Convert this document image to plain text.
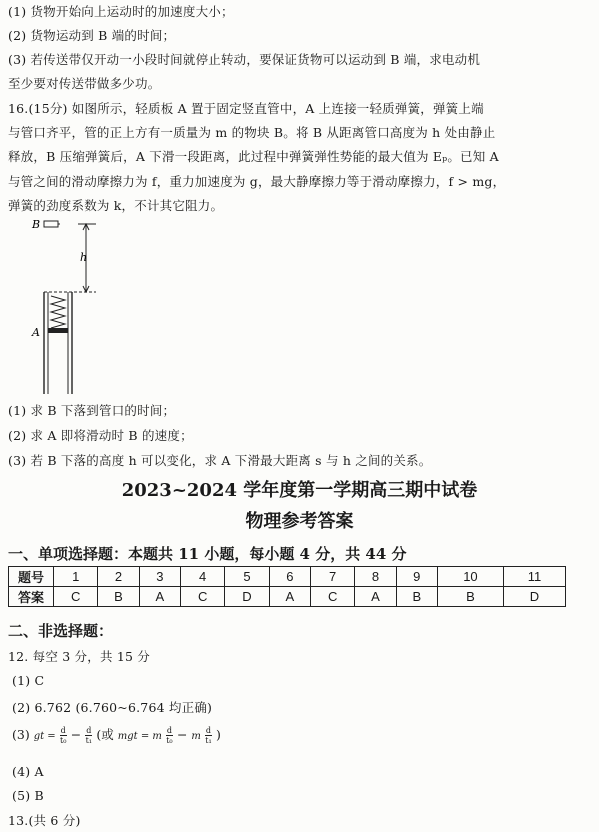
(1) 货物开始向上运动时的加速度大小；
(2) 货物运动到 B 端的时间；
(3) 若传送带仅开动一小段时间就停止转动，要保证货物可以运动到 B 端，求电动机
至少要对传送带做多少功。
16.(15分) 如图所示，轻质板 A 置于固定竖直管中，A 上连接一轻质弹簧，弹簧上端
与管口齐平，管的正上方有一质量为 m 的物块 B。将 B 从距离管口高度为 h 处由静止
释放，B 压缩弹簧后，A 下滑一段距离，此过程中弹簧弹性势能的最大值为 Eₚ。已知 A
与管之间的滑动摩擦力为 f，重力加速度为 g，最大静摩擦力等于滑动摩擦力，f > mg，
弹簧的劲度系数为 k，不计其它阻力。
B
h
A
(1) 求 B 下落到管口的时间；
(2) 求 A 即将滑动时 B 的速度；
(3) 若 B 下落的高度 h 可以变化，求 A 下滑最大距离 s 与 h 之间的关系。
2023~2024 学年度第一学期高三期中试卷
物理参考答案
一、单项选择题：本题共 11 小题，每小题 4 分，共 44 分
题号	1	2	3	4	5	6	7	8	9	10	11
答案	C	B	A	C	D	A	C	A	B	B	D
二、非选择题：
12. 每空 3 分，共 15 分
(1) C
(2) 6.762 (6.760~6.764 均正确)
(3) gt = $\frac{d}{\text{t₀}} - \frac{d}{\text{t₁}}$ (或 mgt = m $\frac{d}{\text{t₀}} - m \frac{d}{\text{t₁}}$ )
(4) A
(5) B
13.(共 6 分)
